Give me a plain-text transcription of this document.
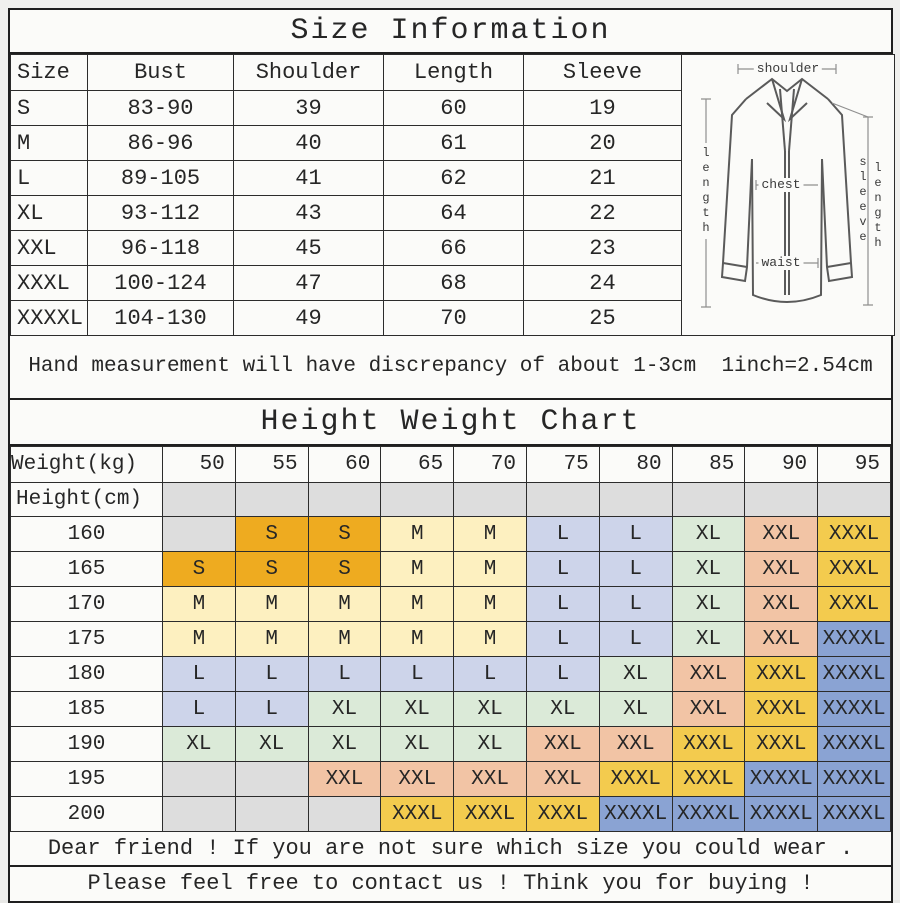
Size Information
Size	Bust	Shoulder	Length	Sleeve	shoulder
length	chest
waist
sleeve length

S	83-90	39	60	19	
M	86-96	40	61	20	
L	89-105	41	62	21	
XL	93-112	43	64	22	
XXL	96-118	45	66	23	
XXXL	100-124	47	68	24	
XXXXL	104-130	49	70	25	
Hand measurement will have discrepancy of about 1-3cm  1inch=2.54cm
Height Weight Chart
Weight(kg)	50	55	60	65	70	75	80	85	90	95
Height(cm)										
160		S	S	M	M	L	L	XL	XXL	XXXL
165	S	S	S	M	M	L	L	XL	XXL	XXXL
170	M	M	M	M	M	L	L	XL	XXL	XXXL
175	M	M	M	M	M	L	L	XL	XXL	XXXXL
180	L	L	L	L	L	L	XL	XXL	XXXL	XXXXL
185	L	L	XL	XL	XL	XL	XL	XXL	XXXL	XXXXL
190	XL	XL	XL	XL	XL	XXL	XXL	XXXL	XXXL	XXXXL
195			XXL	XXL	XXL	XXL	XXXL	XXXL	XXXXL	XXXXL
200				XXXL	XXXL	XXXL	XXXXL	XXXXL	XXXXL	XXXXL
Dear friend ! If you are not sure which size you could wear .
Please feel free to contact us ! Think you for buying !
